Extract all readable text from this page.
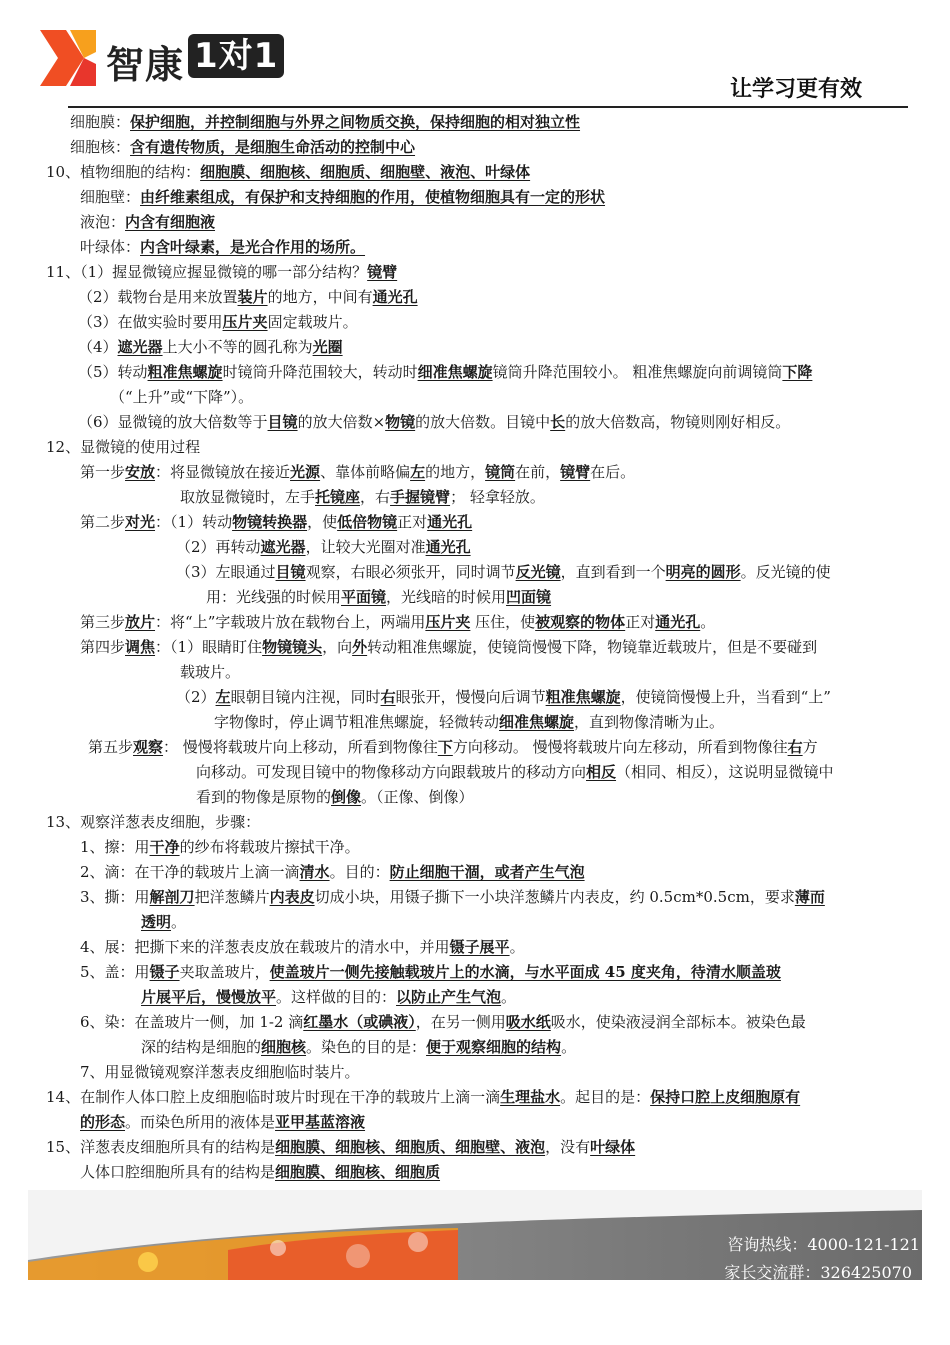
智康 1对1
让学习更有效
细胞膜：保护细胞，并控制细胞与外界之间物质交换，保持细胞的相对独立性
细胞核：含有遗传物质，是细胞生命活动的控制中心
10、植物细胞的结构：细胞膜、细胞核、细胞质、细胞壁、液泡、叶绿体
细胞壁：由纤维素组成，有保护和支持细胞的作用，使植物细胞具有一定的形状
液泡：内含有细胞液
叶绿体：内含叶绿素，是光合作用的场所。
11、（1）握显微镜应握显微镜的哪一部分结构？镜臂
（2）载物台是用来放置装片的地方，中间有通光孔
（3）在做实验时要用压片夹固定载玻片。
（4）遮光器上大小不等的圆孔称为光圈
（5）转动粗准焦螺旋时镜筒升降范围较大，转动时细准焦螺旋镜筒升降范围较小。 粗准焦螺旋向前调镜筒下降
（“上升”或“下降”）。
（6）显微镜的放大倍数等于目镜的放大倍数×物镜的放大倍数。目镜中长的放大倍数高，物镜则刚好相反。
12、显微镜的使用过程
第一步安放：将显微镜放在接近光源、靠体前略偏左的地方，镜筒在前，镜臂在后。
取放显微镜时，左手托镜座，右手握镜臂； 轻拿轻放。
第二步对光：（1）转动物镜转换器，使低倍物镜正对通光孔
（2）再转动遮光器，让较大光圈对准通光孔
（3）左眼通过目镜观察，右眼必须张开，同时调节反光镜，直到看到一个明亮的圆形。反光镜的使
用：光线强的时候用平面镜，光线暗的时候用凹面镜
第三步放片：将“上”字载玻片放在载物台上，两端用压片夹 压住，使被观察的物体正对通光孔。
第四步调焦：（1）眼睛盯住物镜镜头，向外转动粗准焦螺旋，使镜筒慢慢下降，物镜靠近载玻片，但是不要碰到
载玻片。
（2）左眼朝目镜内注视，同时右眼张开，慢慢向后调节粗准焦螺旋，使镜筒慢慢上升，当看到“上”
字物像时，停止调节粗准焦螺旋，轻微转动细准焦螺旋，直到物像清晰为止。
第五步观察： 慢慢将载玻片向上移动，所看到物像往下方向移动。 慢慢将载玻片向左移动，所看到物像往右方
向移动。可发现目镜中的物像移动方向跟载玻片的移动方向相反（相同、相反），这说明显微镜中
看到的物像是原物的倒像。（正像、倒像）
13、观察洋葱表皮细胞，步骤：
1、擦：用干净的纱布将载玻片擦拭干净。
2、滴：在干净的载玻片上滴一滴清水。目的：防止细胞干涸，或者产生气泡
3、撕：用解剖刀把洋葱鳞片内表皮切成小块，用镊子撕下一小块洋葱鳞片内表皮，约 0.5cm*0.5cm，要求薄而
透明。
4、展：把撕下来的洋葱表皮放在载玻片的清水中，并用镊子展平。
5、盖：用镊子夹取盖玻片，使盖玻片一侧先接触载玻片上的水滴，与水平面成 45 度夹角，待清水顺盖玻
片展平后，慢慢放平。这样做的目的：以防止产生气泡。
6、染：在盖玻片一侧，加 1-2 滴红墨水（或碘液），在另一侧用吸水纸吸水，使染液浸润全部标本。被染色最
深的结构是细胞的细胞核。染色的目的是：便于观察细胞的结构。
7、用显微镜观察洋葱表皮细胞临时装片。
14、在制作人体口腔上皮细胞临时玻片时现在干净的载玻片上滴一滴生理盐水。起目的是：保持口腔上皮细胞原有
的形态。而染色所用的液体是亚甲基蓝溶液
15、洋葱表皮细胞所具有的结构是细胞膜、细胞核、细胞质、细胞壁、液泡，没有叶绿体
人体口腔细胞所具有的结构是细胞膜、细胞核、细胞质
咨询热线：4000-121-121
家长交流群：326425070
